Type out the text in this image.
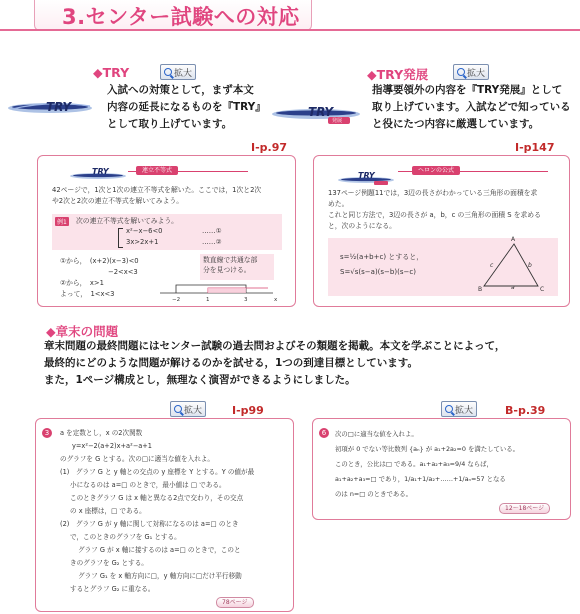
3.センター試験への対応
◆TRY	拡大
TRY
入試への対策として，まず本文
内容の延長になるものを『TRY』
として取り上げています。
Ⅰ-p.97
TRY	連立不等式
42ページで，1次と1次の連立不等式を解いた。ここでは，1次と2次
や2次と2次の連立不等式を解いてみよう。
例1 次の連立不等式を解いてみよう。
x²−x−6<0	……①
3x>2x+1	……②
①から，　(x+2)(x−3)<0
−2<x<3
②から，　x>1
よって，　1<x<3
数直線で共通な部
分を見つける。
−2	1	3	x
◆TRY発展	拡大
TRY
発展
指導要領外の内容を『TRY発展』として
取り上げています。入試などで知っている
と役にたつ内容に厳選しています。
Ⅰ-p147
TRY
ヘロンの公式
137ページ例題11では，3辺の長さがわかっている三角形の面積を求
めた。
これと同じ方法で，3辺の長さが a，b，c の三角形の面積 S を求める
と，次のようになる。
s=½(a+b+c) とすると，
S=√s(s−a)(s−b)(s−c)
A
B	C
a
b
c
◆章末の問題
章末問題の最終問題にはセンター試験の過去問およびその類題を掲載。本文を学ぶことによって，
最終的にどのような問題が解けるのかを試せる，1つの到達目標としています。
また，1ページ構成とし，無理なく演習ができるようにしました。
拡大	Ⅰ-p99
3	a を定数とし，x の2次関数
y=x²−2(a+2)x+a²−a+1
のグラフを G とする。次の□に適当な値を入れよ。
(1)　グラフ G と y 軸との交点の y 座標を Y とする。Y の値が最
小になるのは a=□ のときで，最小値は □ である。
このときグラフ G は x 軸と異なる2点で交わり，その交点
の x 座標は，□ である。
(2)　グラフ G が y 軸に関して対称になるのは a=□ のとき
で，このときのグラフを G₁ とする。
グラフ G が x 軸に接するのは a=□ のときで，このと
きのグラフを G₂ とする。
グラフ G₁ を x 軸方向に□，y 軸方向に□だけ平行移動
するとグラフ G₂ に重なる。
78ページ
拡大	B-p.39
6	次の□に適当な値を入れよ。
初項が 0 でない等比数列 {aₙ} が a₁+2a₂=0 を満たしている。
このとき，公比は□ である。a₁+a₂+a₃=9/4 ならば，
a₁+a₂+a₃=□ であり，1/a₁+1/a₂+……+1/aₙ=57 となる
のは n=□ のときである。
12〜18ページ
